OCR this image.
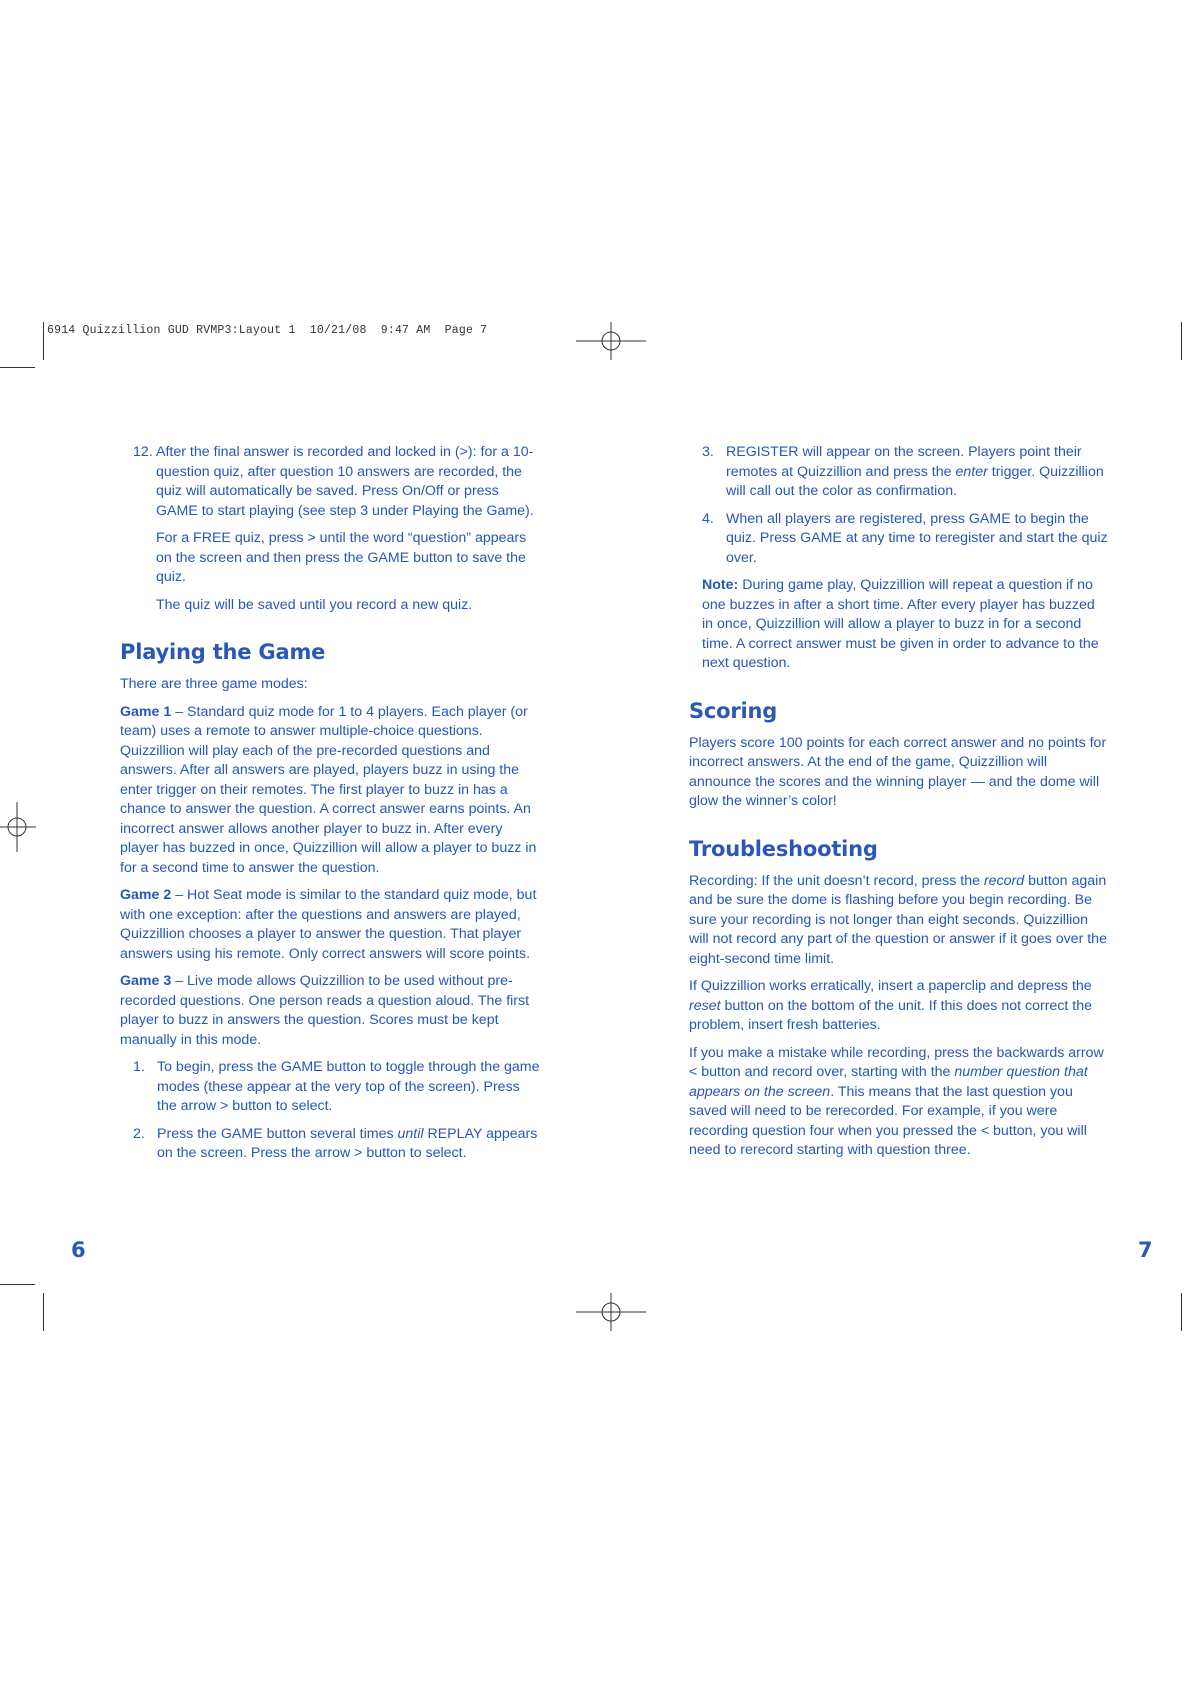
6914 Quizzillion GUD RVMP3:Layout 1  10/21/08  9:47 AM  Page 7
12. After the final answer is recorded and locked in (>): for a 10-question quiz, after question 10 answers are recorded, the quiz will automatically be saved. Press On/Off or press GAME to start playing (see step 3 under Playing the Game).
For a FREE quiz, press > until the word “question” appears on the screen and then press the GAME button to save the quiz.
The quiz will be saved until you record a new quiz.
Playing the Game

There are three game modes:

Game 1 – Standard quiz mode for 1 to 4 players. Each player (or team) uses a remote to answer multiple-choice questions. Quizzillion will play each of the pre-recorded questions and answers. After all answers are played, players buzz in using the enter trigger on their remotes. The first player to buzz in has a chance to answer the question. A correct answer earns points. An incorrect answer allows another player to buzz in. After every player has buzzed in once, Quizzillion will allow a player to buzz in for a second time to answer the question.

Game 2 – Hot Seat mode is similar to the standard quiz mode, but with one exception: after the questions and answers are played, Quizzillion chooses a player to answer the question. That player answers using his remote. Only correct answers will score points.

Game 3 – Live mode allows Quizzillion to be used without pre-recorded questions. One person reads a question aloud. The first player to buzz in answers the question. Scores must be kept manually in this mode.

1. To begin, press the GAME button to toggle through the game modes (these appear at the very top of the screen). Press the arrow > button to select.
2. Press the GAME button several times until REPLAY appears on the screen. Press the arrow > button to select.
3. REGISTER will appear on the screen. Players point their remotes at Quizzillion and press the enter trigger. Quizzillion will call out the color as confirmation.
4. When all players are registered, press GAME to begin the quiz. Press GAME at any time to reregister and start the quiz over.

Note: During game play, Quizzillion will repeat a question if no one buzzes in after a short time. After every player has buzzed in once, Quizzillion will allow a player to buzz in for a second time. A correct answer must be given in order to advance to the next question.

Scoring

Players score 100 points for each correct answer and no points for incorrect answers. At the end of the game, Quizzillion will announce the scores and the winning player — and the dome will glow the winner’s color!

Troubleshooting

Recording: If the unit doesn’t record, press the record button again and be sure the dome is flashing before you begin recording. Be sure your recording is not longer than eight seconds. Quizzillion will not record any part of the question or answer if it goes over the eight-second time limit.

If Quizzillion works erratically, insert a paperclip and depress the reset button on the bottom of the unit. If this does not correct the problem, insert fresh batteries.

If you make a mistake while recording, press the backwards arrow < button and record over, starting with the number question that appears on the screen. This means that the last question you saved will need to be rerecorded. For example, if you were recording question four when you pressed the < button, you will need to rerecord starting with question three.

6	7
